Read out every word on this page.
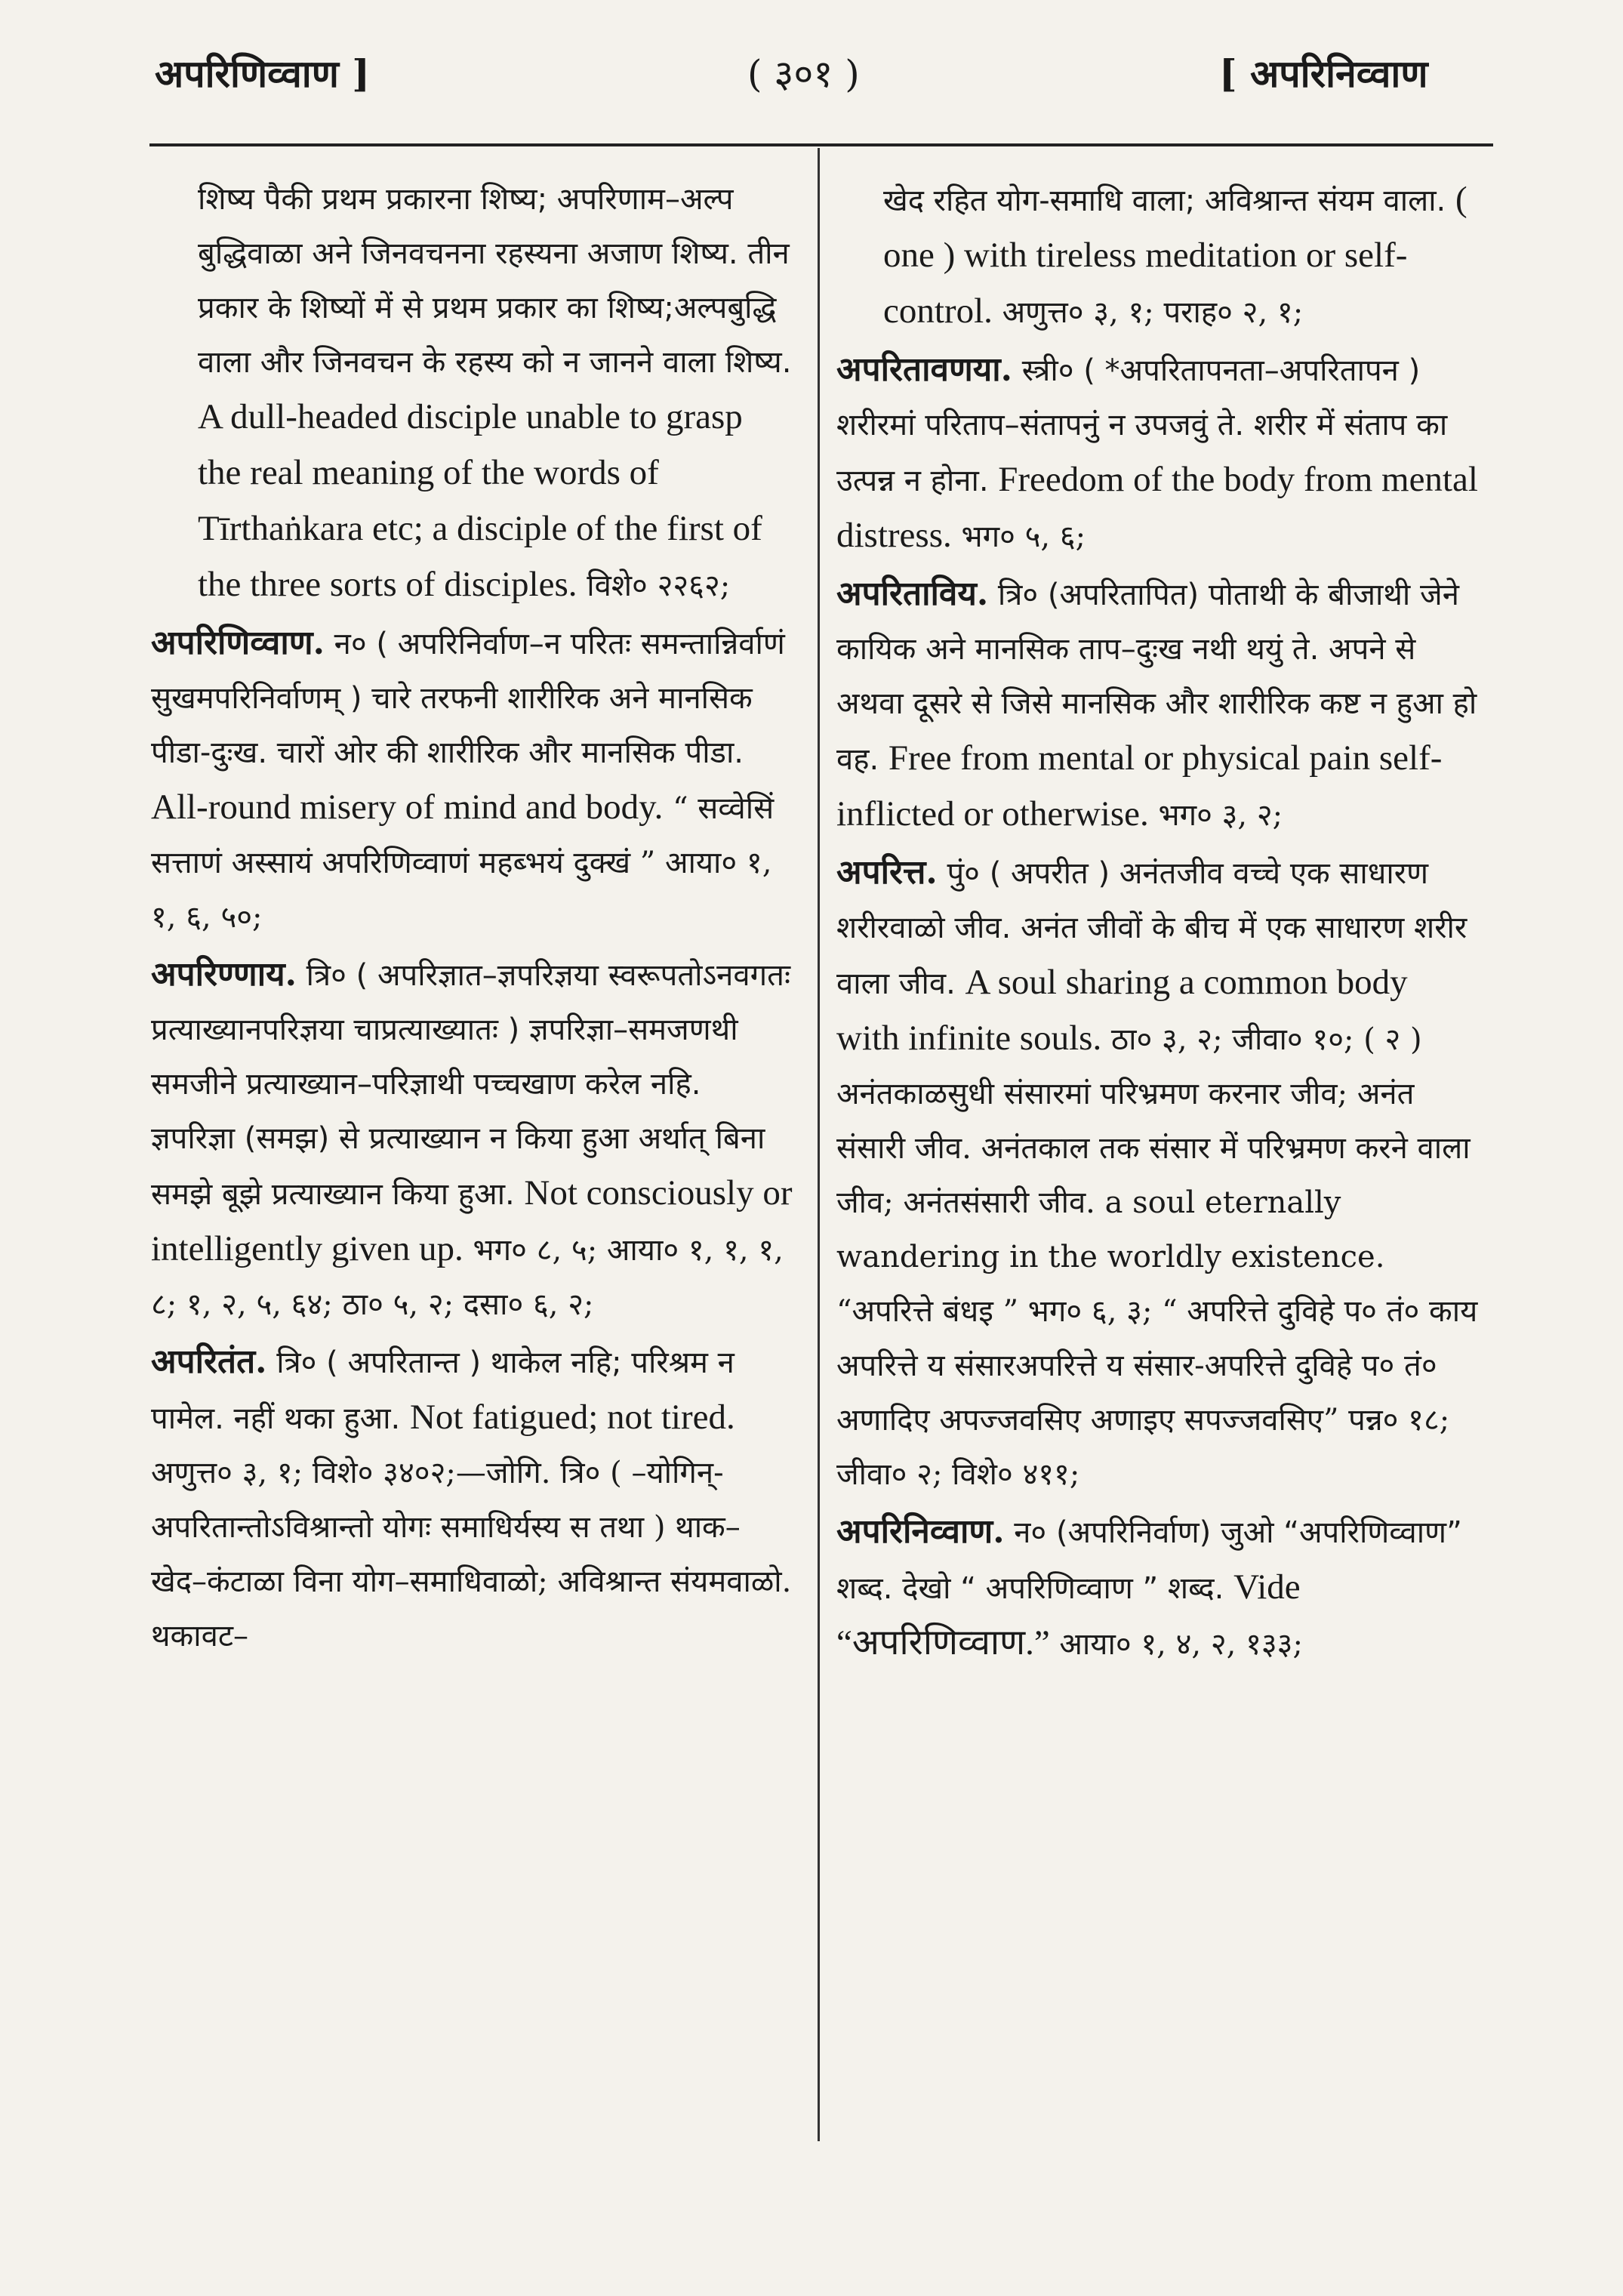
अपरिणिव्वाण ]	( ३०१ )	[ अपरिनिव्वाण
शिष्य पैकी प्रथम प्रकारना शिष्य; अपरिणाम–अल्प बुद्धिवाळा अने जिनवचनना रहस्यना अजाण शिष्य. तीन प्रकार के शिष्यों में से प्रथम प्रकार का शिष्य;अल्पबुद्धि वाला और जिनवचन के रहस्य को न जानने वाला शिष्य. A dull-headed disciple unable to grasp the real meaning of the words of Tīrthaṅkara etc; a disciple of the first of the three sorts of disciples. विशे० २२६२;
अपरिणिव्वाण. न० ( अपरिनिर्वाण–न परितः समन्तान्निर्वाणं सुखमपरिनिर्वाणम् ) चारे तरफनी शारीरिक अने मानसिक पीडा-दुःख. चारों ओर की शारीरिक और मानसिक पीडा. All-round misery of mind and body. “ सव्वेसिं सत्ताणं अस्सायं अपरिणिव्वाणं महब्भयं दुक्खं ” आया० १, १, ६, ५०;
अपरिण्णाय. त्रि० ( अपरिज्ञात–ज्ञपरिज्ञया स्वरूपतोऽनवगतः प्रत्याख्यानपरिज्ञया चाप्रत्याख्यातः ) ज्ञपरिज्ञा–समजणथी समजीने प्रत्याख्यान–परिज्ञाथी पच्चखाण करेल नहि. ज्ञपरिज्ञा (समझ) से प्रत्याख्यान न किया हुआ अर्थात् बिना समझे बूझे प्रत्याख्यान किया हुआ. Not consciously or intelligently given up. भग० ८, ५; आया० १, १, १, ८; १, २, ५, ६४; ठा० ५, २; दसा० ६, २;
अपरितंत. त्रि० ( अपरितान्त ) थाकेल नहि; परिश्रम न पामेल. नहीं थका हुआ. Not fatigued; not tired. अणुत्त० ३, १; विशे० ३४०२;—जोगि. त्रि० ( –योगिन्- अपरितान्तोऽविश्रान्तो योगः समाधिर्यस्य स तथा ) थाक–खेद–कंटाळा विना योग–समाधिवाळो; अविश्रान्त संयमवाळो. थकावट–
खेद रहित योग-समाधि वाला; अविश्रान्त संयम वाला. ( one ) with tireless meditation or self-control. अणुत्त० ३, १; पराह० २, १;
अपरितावणया. स्त्री० ( *अपरितापनता–अपरितापन ) शरीरमां परिताप–संतापनुं न उपजवुं ते. शरीर में संताप का उत्पन्न न होना. Freedom of the body from mental distress. भग० ५, ६;
अपरिताविय. त्रि० (अपरितापित) पोताथी के बीजाथी जेने कायिक अने मानसिक ताप–दुःख नथी थयुं ते. अपने से अथवा दूसरे से जिसे मानसिक और शारीरिक कष्ट न हुआ हो वह. Free from mental or physical pain self-inflicted or otherwise. भग० ३, २;
अपरित्त. पुं० ( अपरीत ) अनंतजीव वच्चे एक साधारण शरीरवाळो जीव. अनंत जीवों के बीच में एक साधारण शरीर वाला जीव. A soul sharing a common body with infinite souls. ठा० ३, २; जीवा० १०; ( २ ) अनंतकाळसुधी संसारमां परिभ्रमण करनार जीव; अनंत संसारी जीव. अनंतकाल तक संसार में परिभ्रमण करने वाला जीव; अनंतसंसारी जीव. a soul eternally wandering in the worldly existence. “अपरित्ते बंधइ ” भग० ६, ३; “ अपरित्ते दुविहे प० तं० काय अपरित्ते य संसारअपरित्ते य संसार-अपरित्ते दुविहे प० तं० अणादिए अपज्जवसिए अणाइए सपज्जवसिए” पन्न० १८; जीवा० २; विशे० ४११;
अपरिनिव्वाण. न० (अपरिनिर्वाण) जुओ “अपरिणिव्वाण” शब्द. देखो “ अपरिणिव्वाण ” शब्द. Vide “अपरिणिव्वाण.” आया० १, ४, २, १३३;
